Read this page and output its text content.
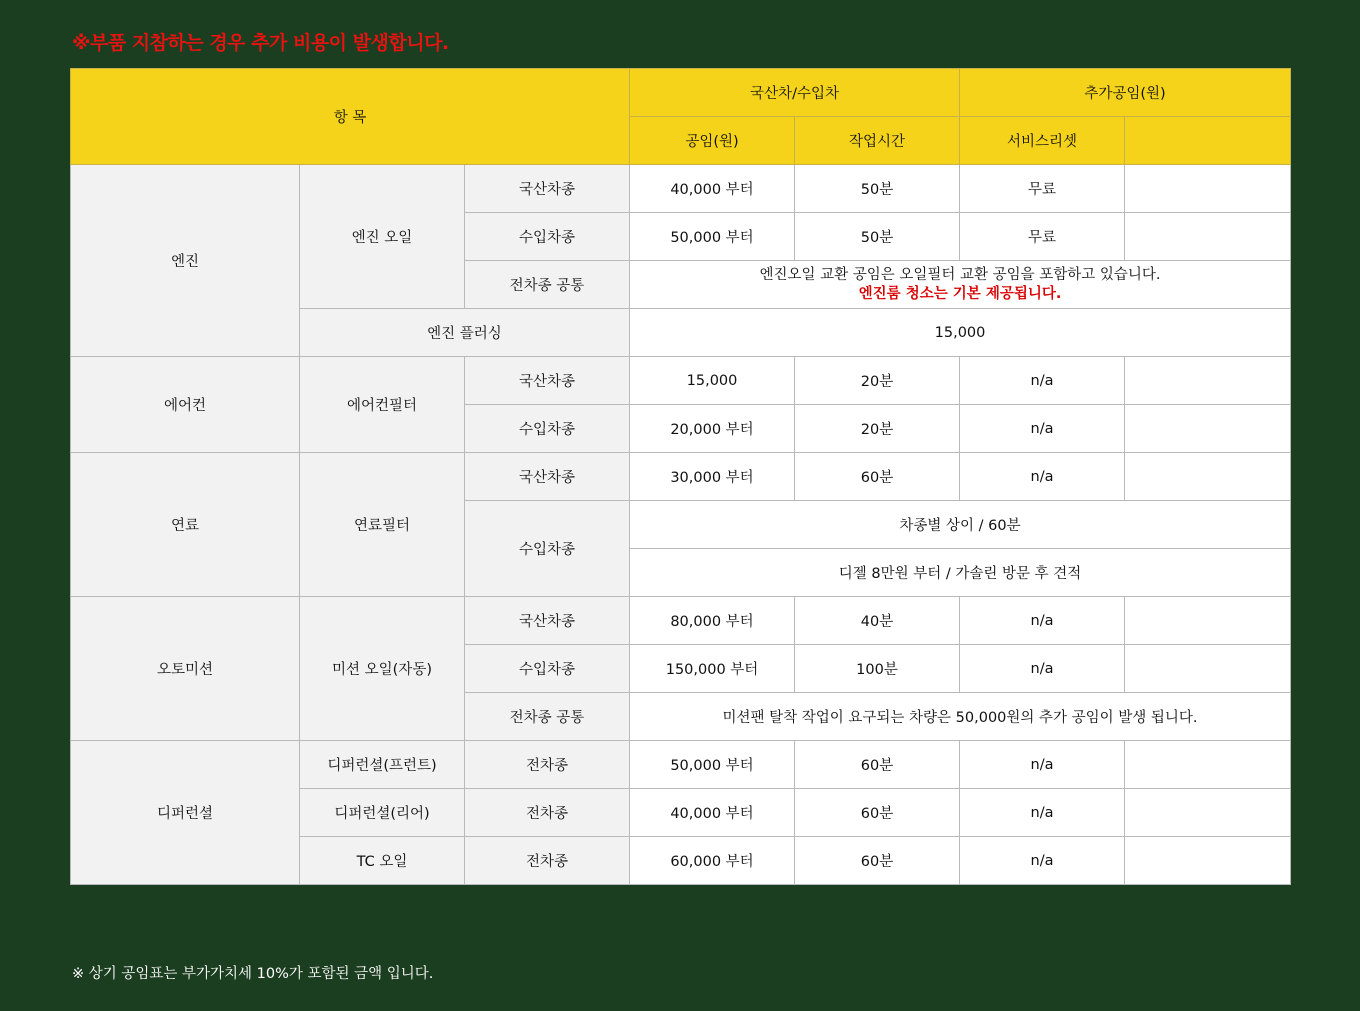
※부품 지참하는 경우 추가 비용이 발생합니다.

항 목			국산차/수입차		추가공임(원)	
			공임(원)	작업시간	서비스리셋	
엔진	엔진 오일	국산차종	40,000 부터	50분	무료	
		수입차종	50,000 부터	50분	무료	
		전차종 공통	엔진오일 교환 공임은 오일필터 교환 공임을 포함하고 있습니다.
엔진룸 청소는 기본 제공됩니다.			

	엔진 플러싱		15,000			
에어컨	에어컨필터	국산차종	15,000	20분	n/a	
		수입차종	20,000 부터	20분	n/a	
연료	연료필터	국산차종	30,000 부터	60분	n/a	
		수입차종	차종별 상이 / 60분			
			디젤 8만원 부터 / 가솔린 방문 후 견적			
오토미션	미션 오일(자동)	국산차종	80,000 부터	40분	n/a	
		수입차종	150,000 부터	100분	n/a	
		전차종 공통	미션팬 탈착 작업이 요구되는 차량은 50,000원의 추가 공임이 발생 됩니다.			
디퍼런셜	디퍼런셜(프런트)	전차종	50,000 부터	60분	n/a	
	디퍼런셜(리어)	전차종	40,000 부터	60분	n/a	
	TC 오일	전차종	60,000 부터	60분	n/a	

※ 상기 공임표는 부가가치세 10%가 포함된 금액 입니다.
